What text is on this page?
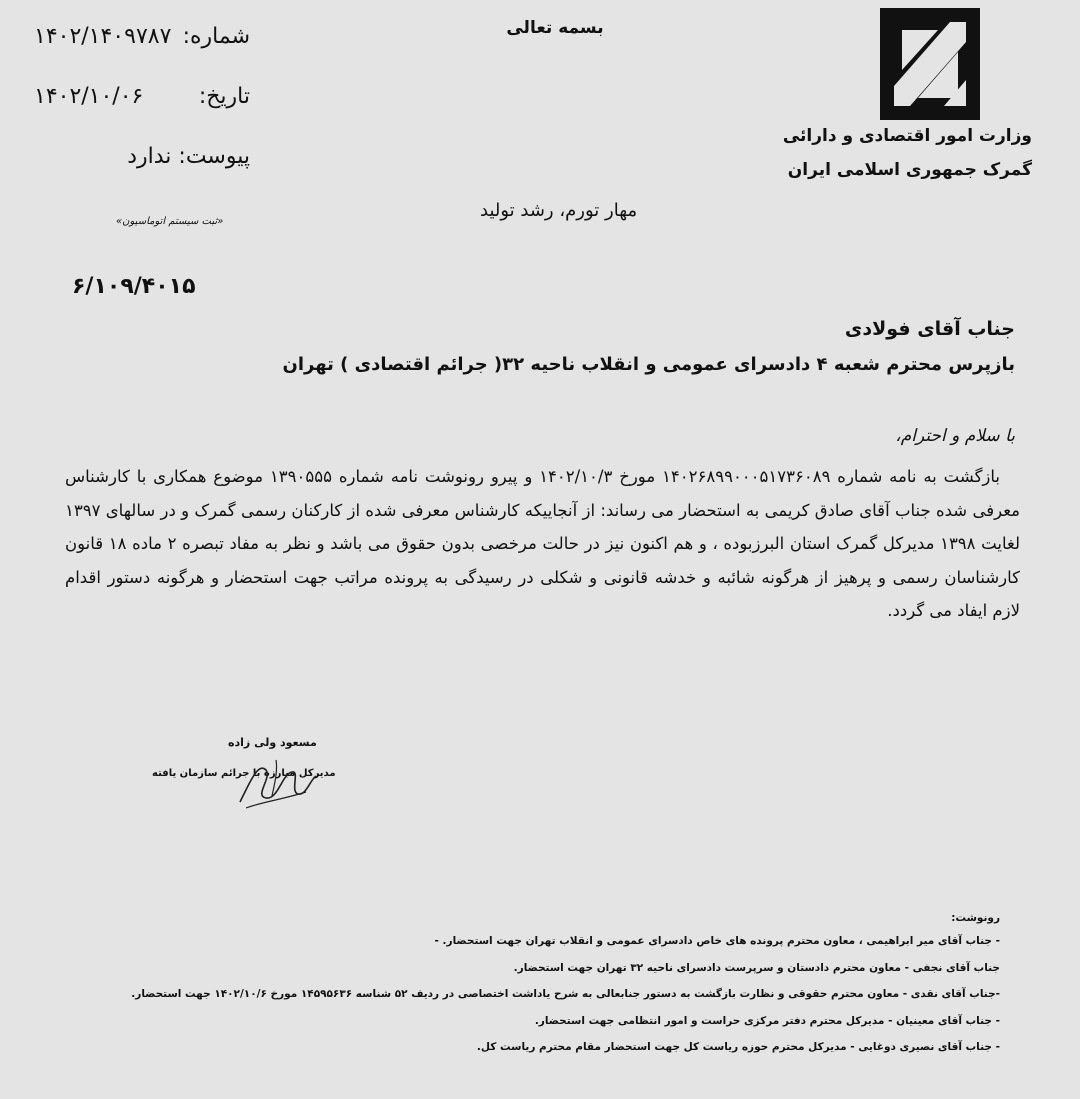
بسمه تعالی
وزارت امور اقتصادی و دارائی
گمرک جمهوری اسلامی ایران
شماره:
۱۴۰۲/۱۴۰۹۷۸۷
تاریخ:
۱۴۰۲/۱۰/۰۶
پیوست: ندارد
مهار تورم، رشد تولید
«ثبت سیستم اتوماسیون»
۶/۱۰۹/۴۰۱۵
جناب آقای فولادی
بازپرس محترم شعبه ۴ دادسرای عمومی و انقلاب ناحیه ۳۲( جرائم اقتصادی ) تهران
با سلام و احترام،

بازگشت به نامه شماره ۱۴۰۲۶۸۹۹۰۰۰۵۱۷۳۶۰۸۹ مورخ ۱۴۰۲/۱۰/۳ و پیرو رونوشت نامه شماره ۱۳۹۰۵۵۵ موضوع همکاری با کارشناس معرفی شده جناب آقای صادق کریمی به استحضار می رساند: از آنجاییکه کارشناس معرفی شده از کارکنان رسمی گمرک و در سالهای ۱۳۹۷ لغایت ۱۳۹۸ مدیرکل گمرک استان البرزبوده ، و هم اکنون نیز در حالت مرخصی بدون حقوق می باشد و نظر به مفاد تبصره ۲ ماده ۱۸ قانون کارشناسان رسمی و پرهیز از هرگونه شائبه و خدشه قانونی و شکلی در رسیدگی به پرونده مراتب جهت استحضار و هرگونه دستور اقدام لازم ایفاد می گردد.

مسعود ولی زاده
مدیرکل مبارزه با جرائم سازمان یافته
رونوشت:
- جناب آقای میر ابراهیمی ، معاون محترم پرونده های خاص دادسرای عمومی و انقلاب تهران جهت استحضار. -
جناب آقای نجفی - معاون محترم دادستان و سرپرست دادسرای ناحیه ۳۲ تهران جهت استحضار.
-جناب آقای نقدی - معاون محترم حقوقی و نظارت بازگشت به دستور جنابعالی به شرح یاداشت اختصاصی در ردیف ۵۲ شناسه ۱۴۵۹۵۶۳۶ مورخ ۱۴۰۲/۱۰/۶ جهت استحضار.
- جناب آقای معینیان - مدیرکل محترم دفتر مرکزی حراست و امور انتظامی جهت استحضار.
- جناب آقای نصیری دوغایی - مدیرکل محترم حوزه ریاست کل جهت استحضار مقام محترم ریاست کل.
